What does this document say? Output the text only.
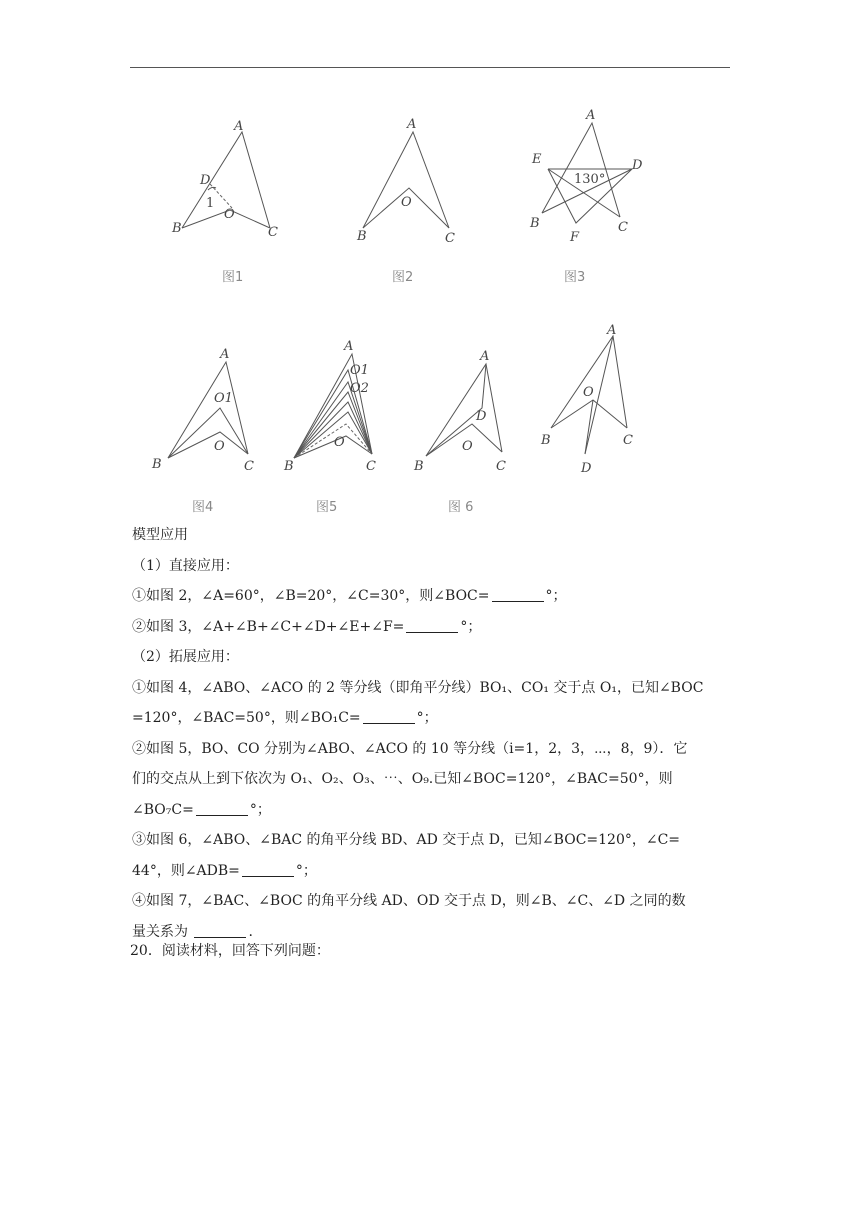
A
D
1
O
B	C
图1
A
O
B	C
图2
A
E	D
130°
B
F
C
图3
A
O1
O
B	C
图4
A
O1
O2
O
B	C
图5
A
D
O
B	C
图 6
A
O
B	C
D
模型应用
（1）直接应用：
①如图 2，∠A=60°，∠B=20°，∠C=30°，则∠BOC=	°；
②如图 3，∠A+∠B+∠C+∠D+∠E+∠F=	°；
（2）拓展应用：
①如图 4，∠ABO、∠ACO 的 2 等分线（即角平分线）BO₁、CO₁ 交于点 O₁，已知∠BOC
=120°，∠BAC=50°，则∠BO₁C=	°；
②如图 5，BO、CO 分别为∠ABO、∠ACO 的 10 等分线（i=1，2，3，⋯，8，9）．它
们的交点从上到下依次为 O₁、O₂、O₃、⋯、O₉.已知∠BOC=120°，∠BAC=50°，则
∠BO₇C=	°；
③如图 6，∠ABO、∠BAC 的角平分线 BD、AD 交于点 D，已知∠BOC=120°，∠C=
44°，则∠ADB=	°；
④如图 7，∠BAC、∠BOC 的角平分线 AD、OD 交于点 D，则∠B、∠C、∠D 之同的数
量关系为	.
20．阅读材料，回答下列问题：
